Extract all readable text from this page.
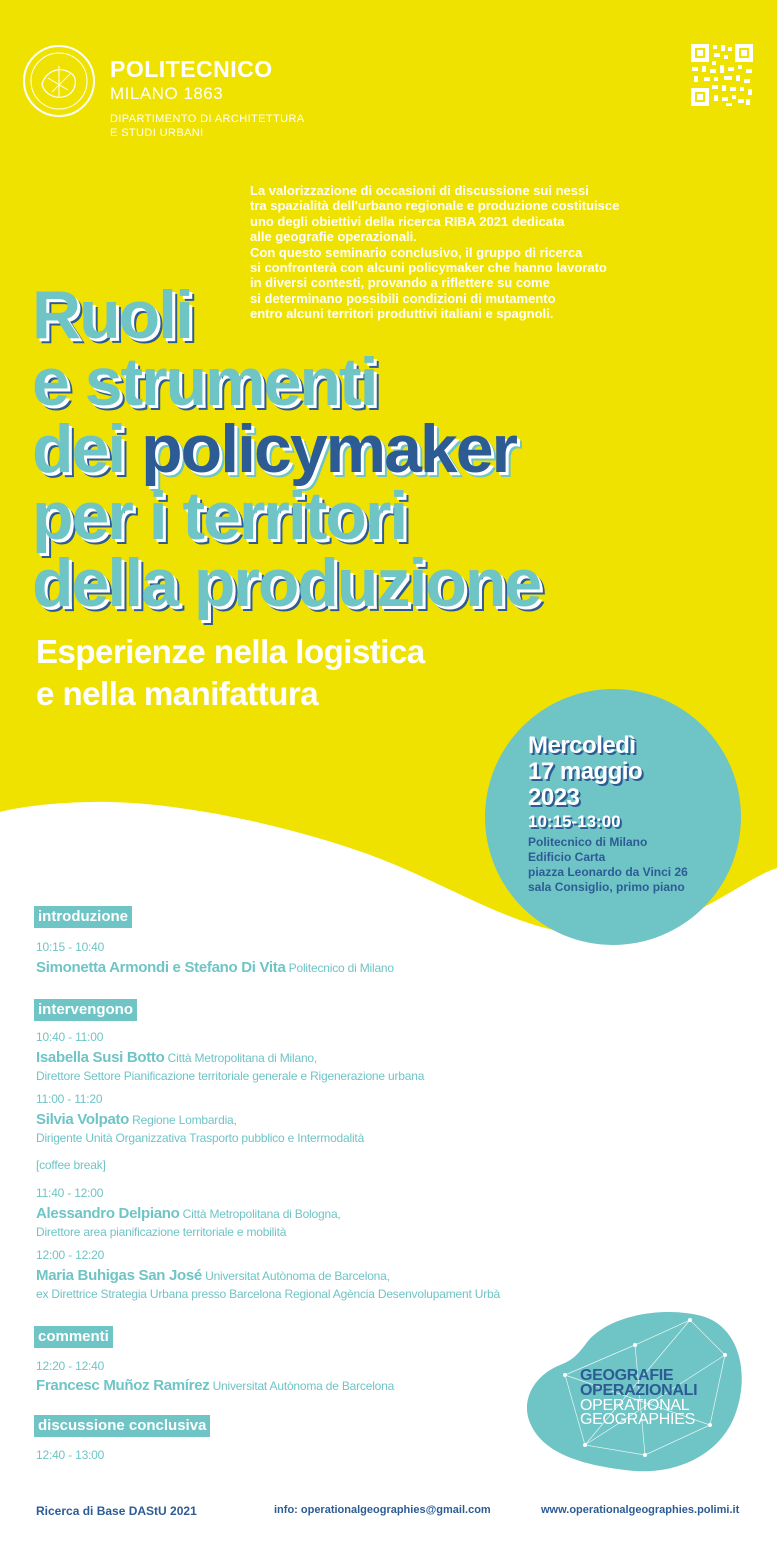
POLITECNICO
MILANO 1863
DIPARTIMENTO DI ARCHITETTURA
E STUDI URBANI
La valorizzazione di occasioni di discussione sui nessi
tra spazialità dell'urbano regionale e produzione costituisce
uno degli obiettivi della ricerca RIBA 2021 dedicata
alle geografie operazionali.
Con questo seminario conclusivo, il gruppo di ricerca
si confronterà con alcuni policymaker che hanno lavorato
in diversi contesti, provando a riflettere su come
si determinano possibili condizioni di mutamento
entro alcuni territori produttivi italiani e spagnoli.
Ruoli
e strumenti
dei policymaker
per i territori
della produzione
Esperienze nella logistica
e nella manifattura
Mercoledì
17 maggio
2023
10:15-13:00
Politecnico di Milano
Edificio Carta
piazza Leonardo da Vinci 26
sala Consiglio, primo piano
introduzione
10:15 - 10:40
Simonetta Armondi e Stefano Di Vita Politecnico di Milano
intervengono
10:40 - 11:00
Isabella Susi Botto Città Metropolitana di Milano,
Direttore Settore Pianificazione territoriale generale e Rigenerazione urbana
11:00 - 11:20
Silvia Volpato Regione Lombardia,
Dirigente Unità Organizzativa Trasporto pubblico e Intermodalità
[coffee break]
11:40 - 12:00
Alessandro Delpiano Città Metropolitana di Bologna,
Direttore area pianificazione territoriale e mobilità
12:00 - 12:20
Maria Buhigas San José Universitat Autònoma de Barcelona,
ex Direttrice Strategia Urbana presso Barcelona Regional Agència Desenvolupament Urbà
commenti
12:20 - 12:40
Francesc Muñoz Ramírez Universitat Autònoma de Barcelona
discussione conclusiva
12:40 - 13:00
GEOGRAFIE
OPERAZIONALI
OPERATIONAL
GEOGRAPHIES
Ricerca di Base DAStU 2021	info: operationalgeographies@gmail.com	www.operationalgeographies.polimi.it
